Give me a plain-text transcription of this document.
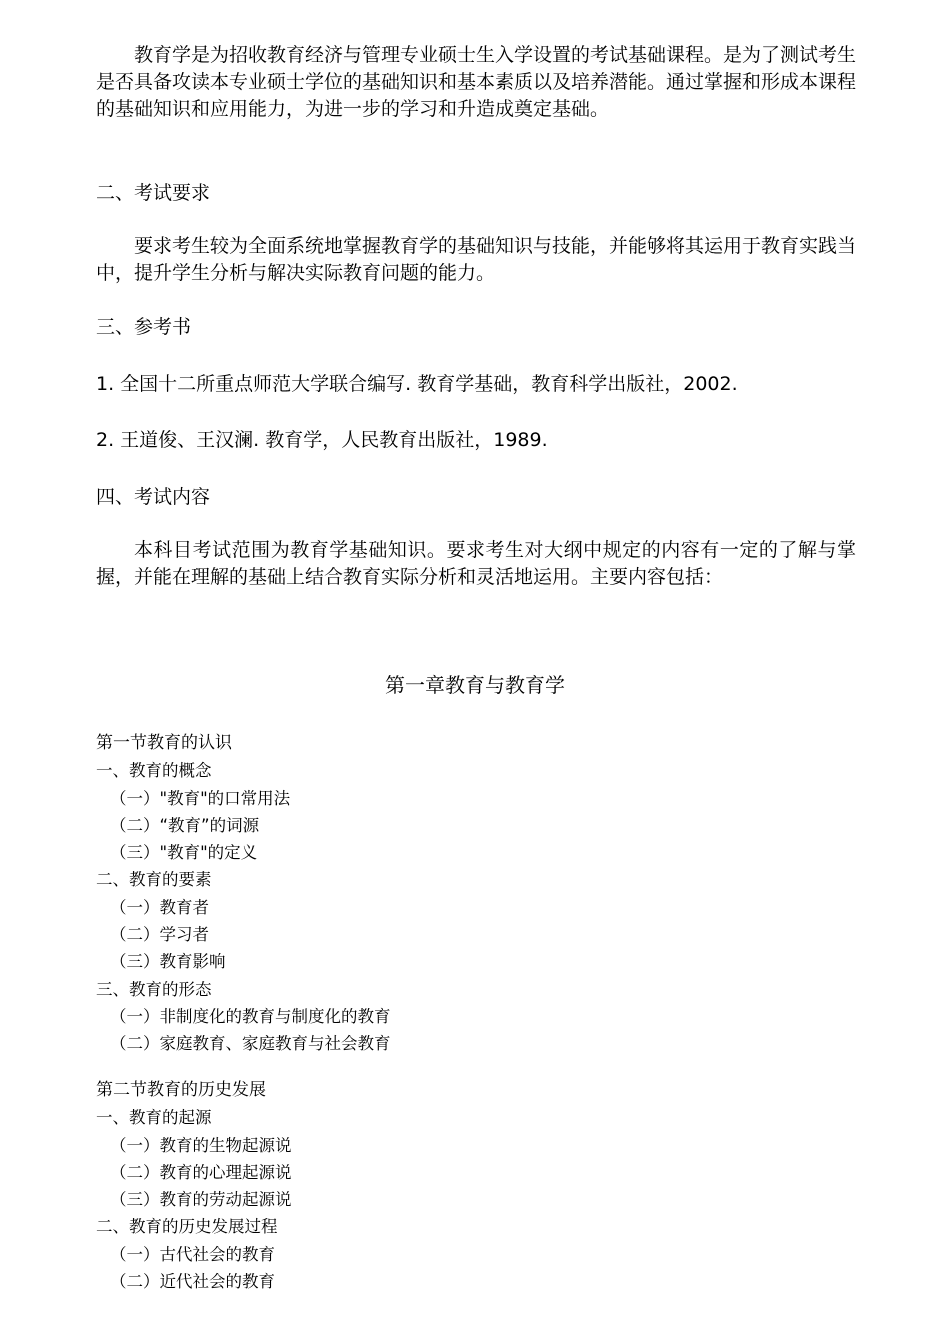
教育学是为招收教育经济与管理专业硕士生入学设置的考试基础课程。是为了测试考生是否具备攻读本专业硕士学位的基础知识和基本素质以及培养潜能。通过掌握和形成本课程的基础知识和应用能力，为进一步的学习和升造成奠定基础。

二、考试要求

要求考生较为全面系统地掌握教育学的基础知识与技能，并能够将其运用于教育实践当中，提升学生分析与解决实际教育问题的能力。

三、参考书

1. 全国十二所重点师范大学联合编写. 教育学基础，教育科学出版社，2002.

2. 王道俊、王汉澜. 教育学，人民教育出版社，1989.

四、考试内容

本科目考试范围为教育学基础知识。要求考生对大纲中规定的内容有一定的了解与掌握，并能在理解的基础上结合教育实际分析和灵活地运用。主要内容包括：

第一章教育与教育学

第一节教育的认识
一、教育的概念
（一）"教育"的口常用法
（二）“教育”的词源
（三）"教育"的定义
二、教育的要素
（一）教育者
（二）学习者
（三）教育影响
三、教育的形态
（一）非制度化的教育与制度化的教育
（二）家庭教育、家庭教育与社会教育
第二节教育的历史发展
一、教育的起源
（一）教育的生物起源说
（二）教育的心理起源说
（三）教育的劳动起源说
二、教育的历史发展过程
（一）古代社会的教育
（二）近代社会的教育
